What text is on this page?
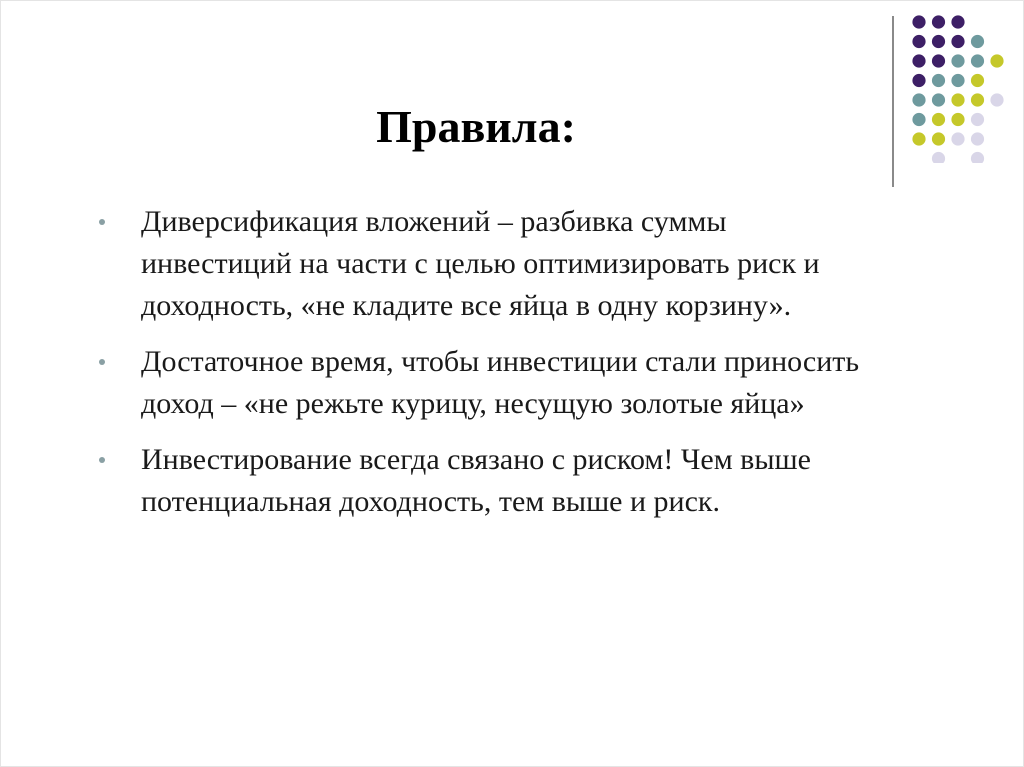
Правила:
Диверсификация вложений – разбивка суммы
инвестиций на части с целью оптимизировать риск и
доходность, «не кладите все яйца в одну корзину».
Достаточное время, чтобы инвестиции стали приносить
доход – «не режьте курицу, несущую золотые яйца»
Инвестирование всегда связано с риском! Чем выше
потенциальная доходность, тем выше и риск.
